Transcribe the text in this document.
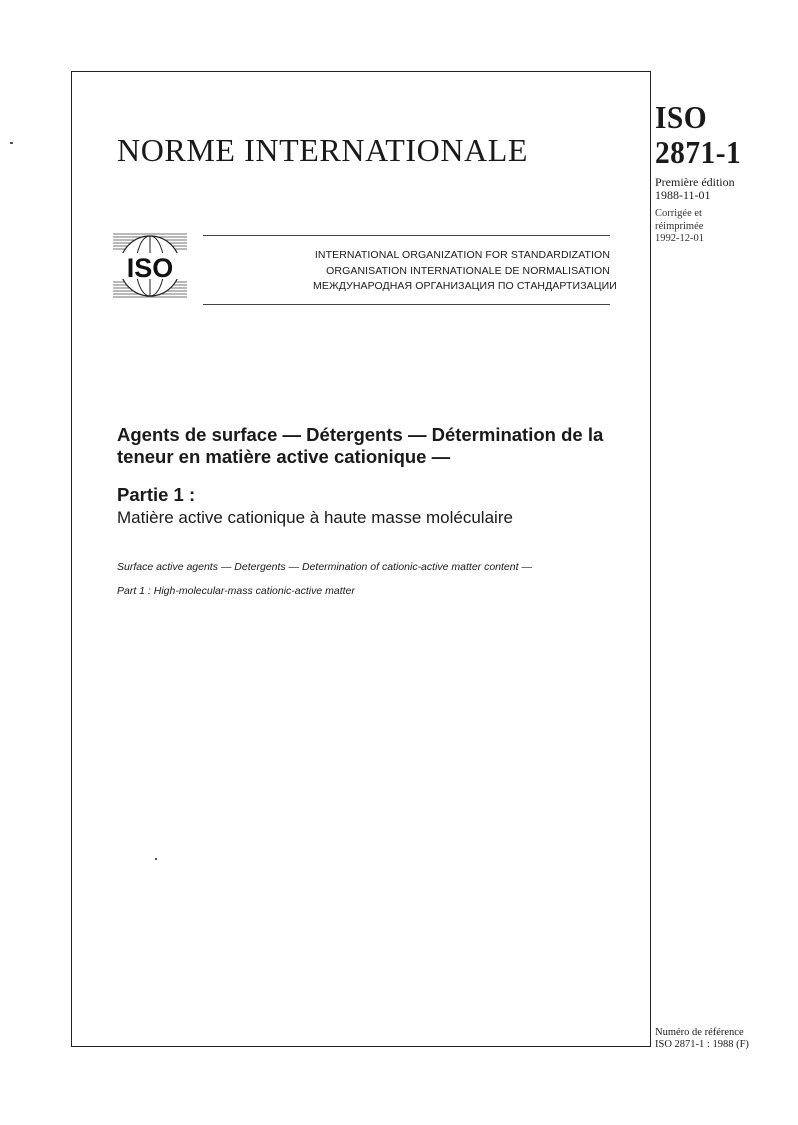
NORME INTERNATIONALE
ISO	INTERNATIONAL ORGANIZATION FOR STANDARDIZATION
ORGANISATION INTERNATIONALE DE NORMALISATION
МЕЖДУНАРОДНАЯ ОРГАНИЗАЦИЯ ПО СТАНДАРТИЗАЦИИ
Agents de surface — Détergents — Détermination de la teneur en matière active cationique —
Partie 1 :
Matière active cationique à haute masse moléculaire
Surface active agents — Detergents — Determination of cationic-active matter content —
Part 1 : High-molecular-mass cationic-active matter
ISO
2871-1
Première édition
1988-11-01
Corrigée et
réimprimée
1992-12-01
Numéro de référence
ISO 2871-1 : 1988 (F)
